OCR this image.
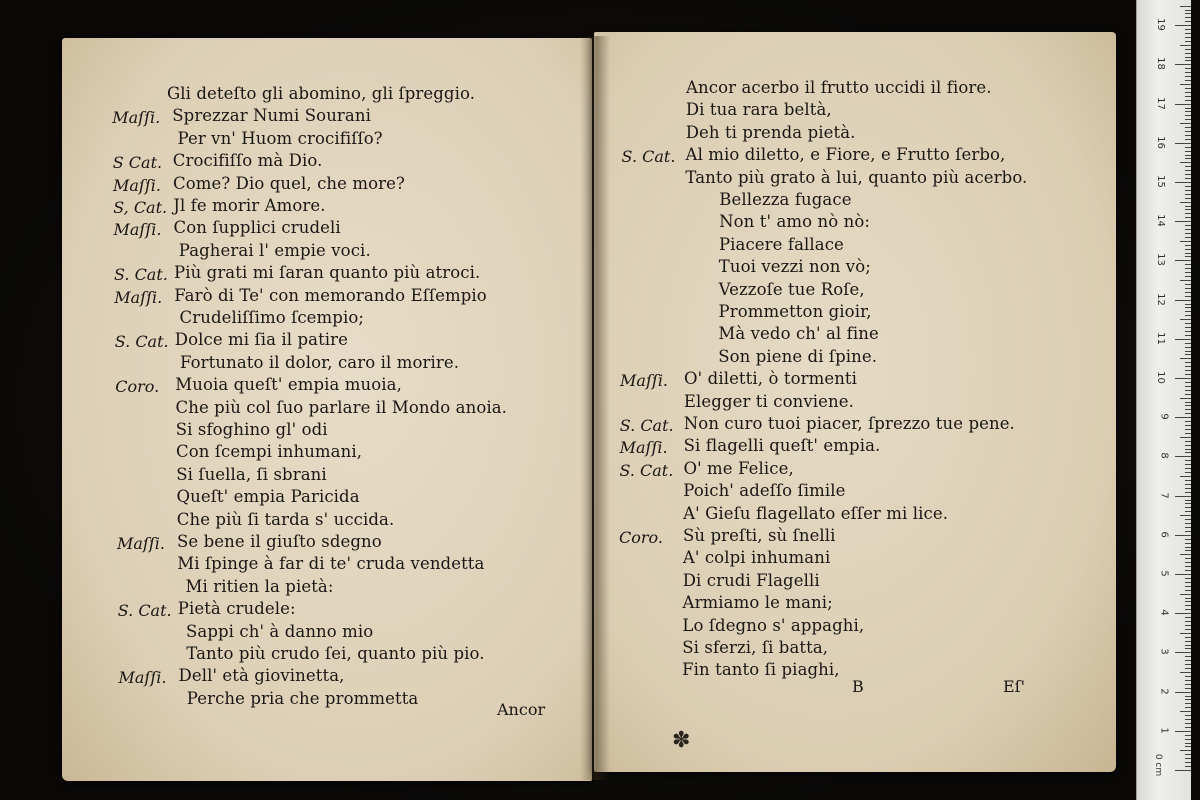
Gli deteſto gli abomino, gli ſpreggio.
Maſſi. Sprezzar Numi Sourani
Per vn' Huom crocifiſſo?
S Cat. Crocifiſſo mà Dio.
Maſſi. Come? Dio quel, che more?
S, Cat. Jl fe morir Amore.
Maſſi. Con ſupplici crudeli
Pagherai l' empie voci.
S. Cat. Più grati mi ſaran quanto più atroci.
Maſſi. Farò di Te' con memorando Eſſempio
Crudeliſſimo ſcempio;
S. Cat. Dolce mi ſia il patire
Fortunato il dolor, caro il morire.
Coro. Muoia queſt' empia muoia,
Che più col ſuo parlare il Mondo anoia.
Si sfoghino gl' odi
Con ſcempi inhumani,
Si ſuella, ſi sbrani
Queſt' empia Paricida
Che più ſi tarda s' uccida.
Maſſi. Se bene il giuſto sdegno
Mi ſpinge à far di te' cruda vendetta
Mi ritien la pietà:
S. Cat. Pietà crudele:
Sappi ch' à danno mio
Tanto più crudo ſei, quanto più pio.
Maſſi. Dell' età giovinetta,
Perche pria che prommetta
Ancor acerbo il frutto uccidi il fiore.
Di tua rara beltà,
Deh ti prenda pietà.
S. Cat. Al mio diletto, e Fiore, e Frutto ſerbo,
Tanto più grato à lui, quanto più acerbo.
Bellezza fugace
Non t' amo nò nò:
Piacere fallace
Tuoi vezzi non vò;
Vezzoſe tue Roſe,
Prommetton gioir,
Mà vedo ch' al fine
Son piene di ſpine.
Maſſi. O' diletti, ò tormenti
Elegger ti conviene.
S. Cat. Non curo tuoi piacer, ſprezzo tue pene.
Maſſi. Si flagelli queſt' empia.
S. Cat. O' me Felice,
Poich' adeſſo ſimile
A' Gieſu flagellato eſſer mi lice.
Coro. Sù preſti, sù ſnelli
A' colpi inhumani
Di crudi Flagelli
Armiamo le mani;
Lo ſdegno s' appaghi,
Si sferzi, ſi batta,
Fin tanto ſi piaghi,
Ancor
B	Eſ'
✽
0 cm
1
2
3
4
5
6
7
8
9
10
11
12
13
14
15
16
17
18
19
